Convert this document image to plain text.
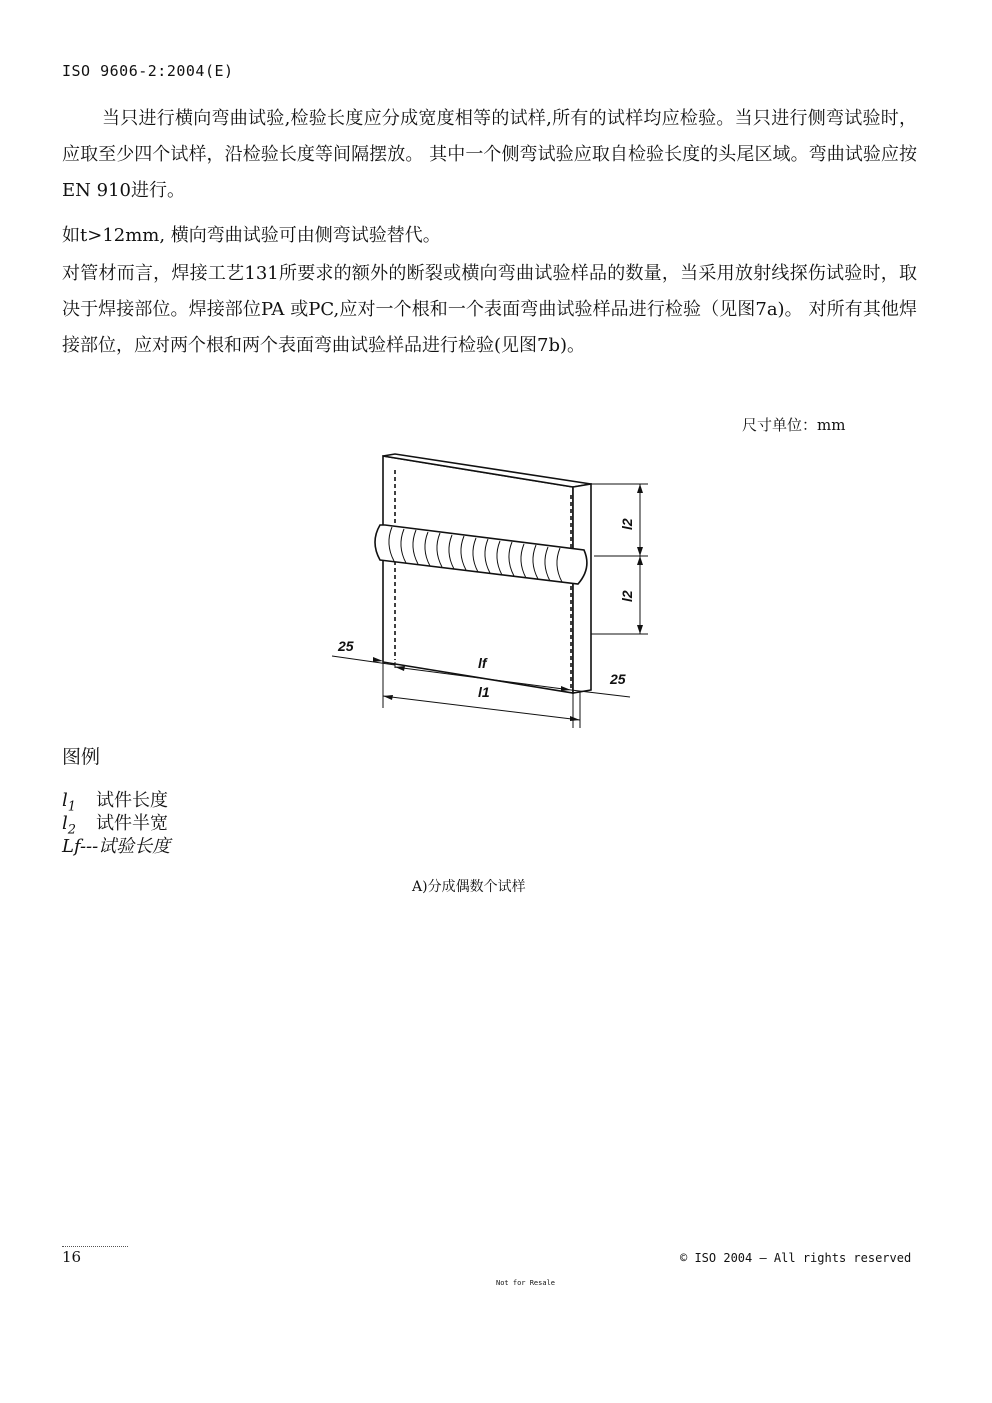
ISO 9606-2:2004(E)
当只进行横向弯曲试验,检验长度应分成宽度相等的试样,所有的试样均应检验。当只进行侧弯试验时，应取至少四个试样，沿检验长度等间隔摆放。 其中一个侧弯试验应取自检验长度的头尾区域。弯曲试验应按EN 910进行。
如t>12mm, 横向弯曲试验可由侧弯试验替代。
对管材而言，焊接工艺131所要求的额外的断裂或横向弯曲试验样品的数量，当采用放射线探伤试验时，取决于焊接部位。焊接部位PA 或PC,应对一个根和一个表面弯曲试验样品进行检验（见图7a)。 对所有其他焊接部位，应对两个根和两个表面弯曲试验样品进行检验(见图7b)。
尺寸单位：mm
25
25
lf
l1
l2
l2
图例
$l_1$ 试件长度
$l_2$ 试件半宽
Lf---试验长度
A)分成偶数个试样
16	© ISO 2004 – All rights reserved
Not for Resale
